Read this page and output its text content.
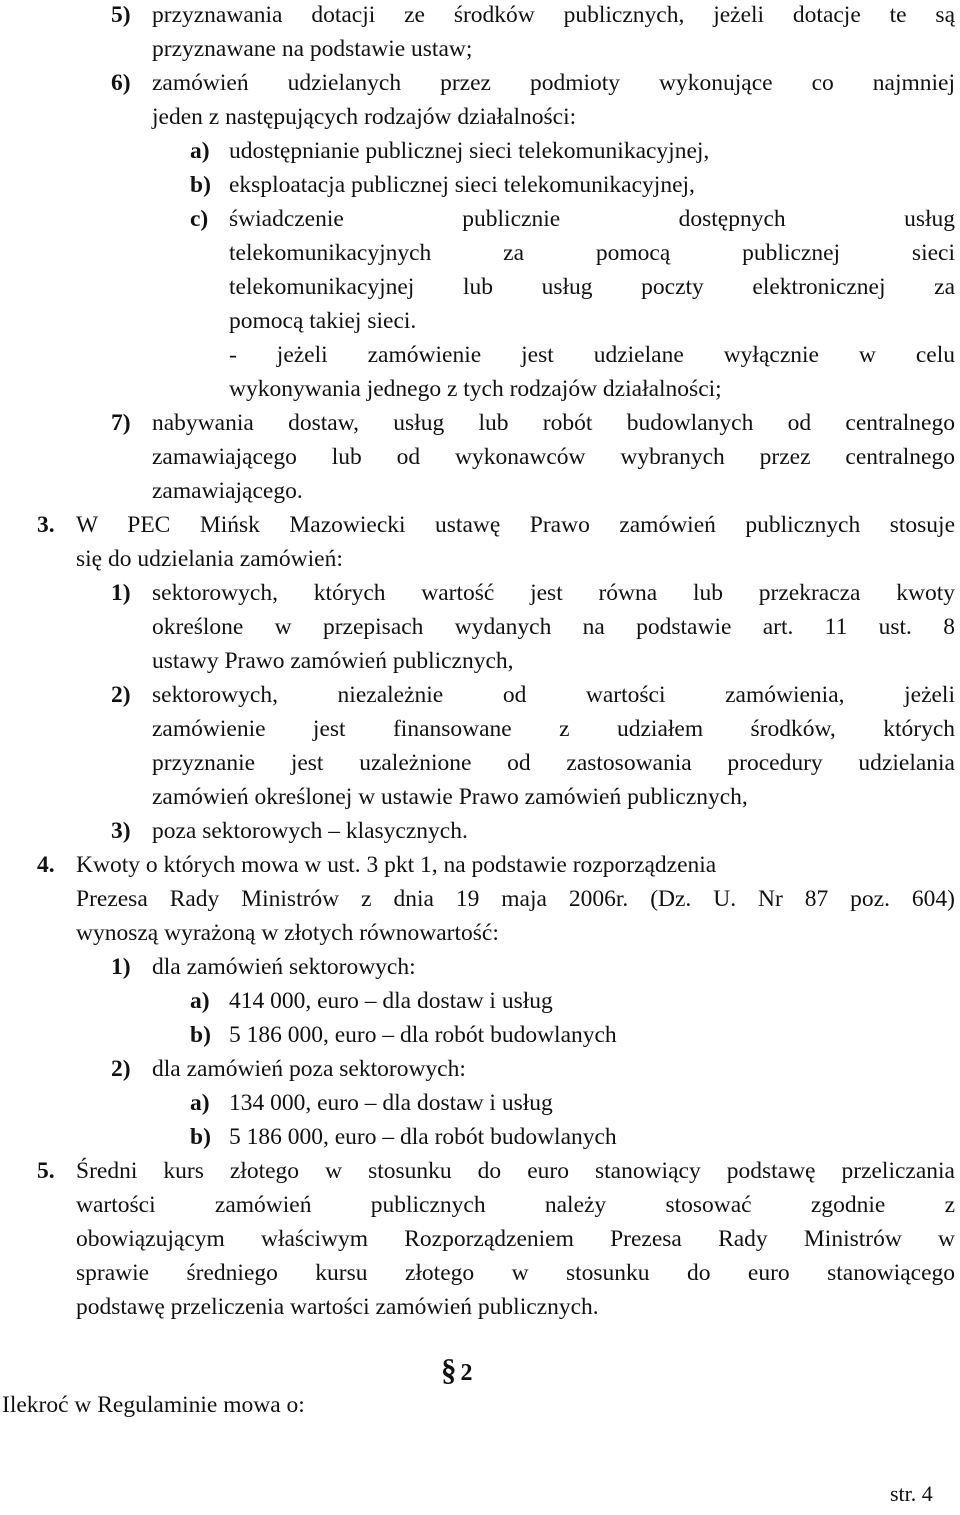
5) przyznawania dotacji ze środków publicznych, jeżeli dotacje te są
przyznawane na podstawie ustaw;
6) zamówień udzielanych przez podmioty wykonujące co najmniej
jeden z następujących rodzajów działalności:
a) udostępnianie publicznej sieci telekomunikacyjnej,
b) eksploatacja publicznej sieci telekomunikacyjnej,
c) świadczenie publicznie dostępnych usług
telekomunikacyjnych za pomocą publicznej sieci
telekomunikacyjnej lub usług poczty elektronicznej za
pomocą takiej sieci.
- jeżeli zamówienie jest udzielane wyłącznie w celu
wykonywania jednego z tych rodzajów działalności;
7) nabywania dostaw, usług lub robót budowlanych od centralnego
zamawiającego lub od wykonawców wybranych przez centralnego
zamawiającego.
3. W PEC Mińsk Mazowiecki ustawę Prawo zamówień publicznych stosuje
się do udzielania zamówień:
1) sektorowych, których wartość jest równa lub przekracza kwoty
określone w przepisach wydanych na podstawie art. 11 ust. 8
ustawy Prawo zamówień publicznych,
2) sektorowych, niezależnie od wartości zamówienia, jeżeli
zamówienie jest finansowane z udziałem środków, których
przyznanie jest uzależnione od zastosowania procedury udzielania
zamówień określonej w ustawie Prawo zamówień publicznych,
3) poza sektorowych – klasycznych.
4. Kwoty o których mowa w ust. 3 pkt 1, na podstawie rozporządzenia
Prezesa Rady Ministrów z dnia 19 maja 2006r. (Dz. U. Nr 87 poz. 604)
wynoszą wyrażoną w złotych równowartość:
1) dla zamówień sektorowych:
a) 414 000, euro – dla dostaw i usług
b) 5 186 000, euro – dla robót budowlanych
2) dla zamówień poza sektorowych:
a) 134 000, euro – dla dostaw i usług
b) 5 186 000, euro – dla robót budowlanych
5. Średni kurs złotego w stosunku do euro stanowiący podstawę przeliczania
wartości zamówień publicznych należy stosować zgodnie z
obowiązującym właściwym Rozporządzeniem Prezesa Rady Ministrów w
sprawie średniego kursu złotego w stosunku do euro stanowiącego
podstawę przeliczenia wartości zamówień publicznych.
§ 2
Ilekroć w Regulaminie mowa o:
str. 4
